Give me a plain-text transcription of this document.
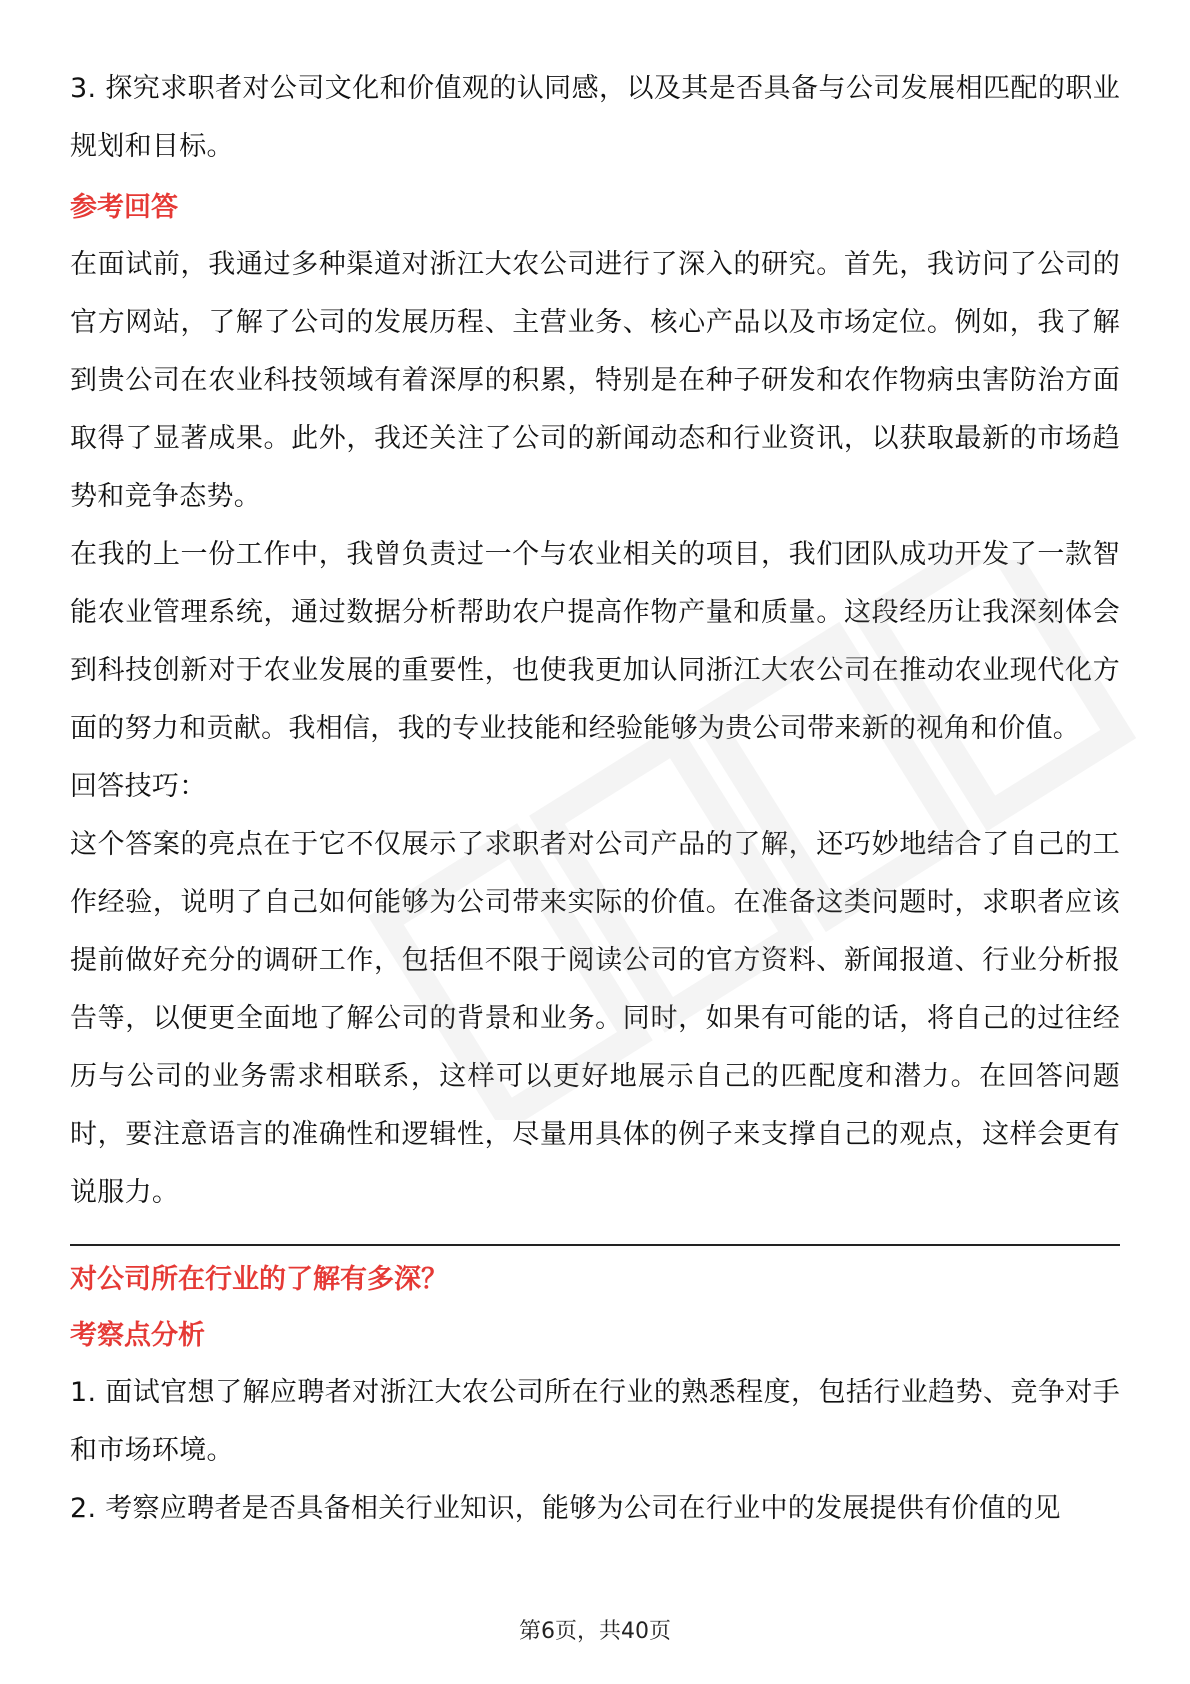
3. 探究求职者对公司文化和价值观的认同感，以及其是否具备与公司发展相匹配的职业规划和目标。

参考回答

在面试前，我通过多种渠道对浙江大农公司进行了深入的研究。首先，我访问了公司的官方网站，了解了公司的发展历程、主营业务、核心产品以及市场定位。例如，我了解到贵公司在农业科技领域有着深厚的积累，特别是在种子研发和农作物病虫害防治方面取得了显著成果。此外，我还关注了公司的新闻动态和行业资讯，以获取最新的市场趋势和竞争态势。

在我的上一份工作中，我曾负责过一个与农业相关的项目，我们团队成功开发了一款智能农业管理系统，通过数据分析帮助农户提高作物产量和质量。这段经历让我深刻体会到科技创新对于农业发展的重要性，也使我更加认同浙江大农公司在推动农业现代化方面的努力和贡献。我相信，我的专业技能和经验能够为贵公司带来新的视角和价值。

回答技巧：

这个答案的亮点在于它不仅展示了求职者对公司产品的了解，还巧妙地结合了自己的工作经验，说明了自己如何能够为公司带来实际的价值。在准备这类问题时，求职者应该提前做好充分的调研工作，包括但不限于阅读公司的官方资料、新闻报道、行业分析报告等，以便更全面地了解公司的背景和业务。同时，如果有可能的话，将自己的过往经历与公司的业务需求相联系，这样可以更好地展示自己的匹配度和潜力。在回答问题时，要注意语言的准确性和逻辑性，尽量用具体的例子来支撑自己的观点，这样会更有说服力。

对公司所在行业的了解有多深？

考察点分析

1. 面试官想了解应聘者对浙江大农公司所在行业的熟悉程度，包括行业趋势、竞争对手和市场环境。

2. 考察应聘者是否具备相关行业知识，能够为公司在行业中的发展提供有价值的见

第6页，共40页
